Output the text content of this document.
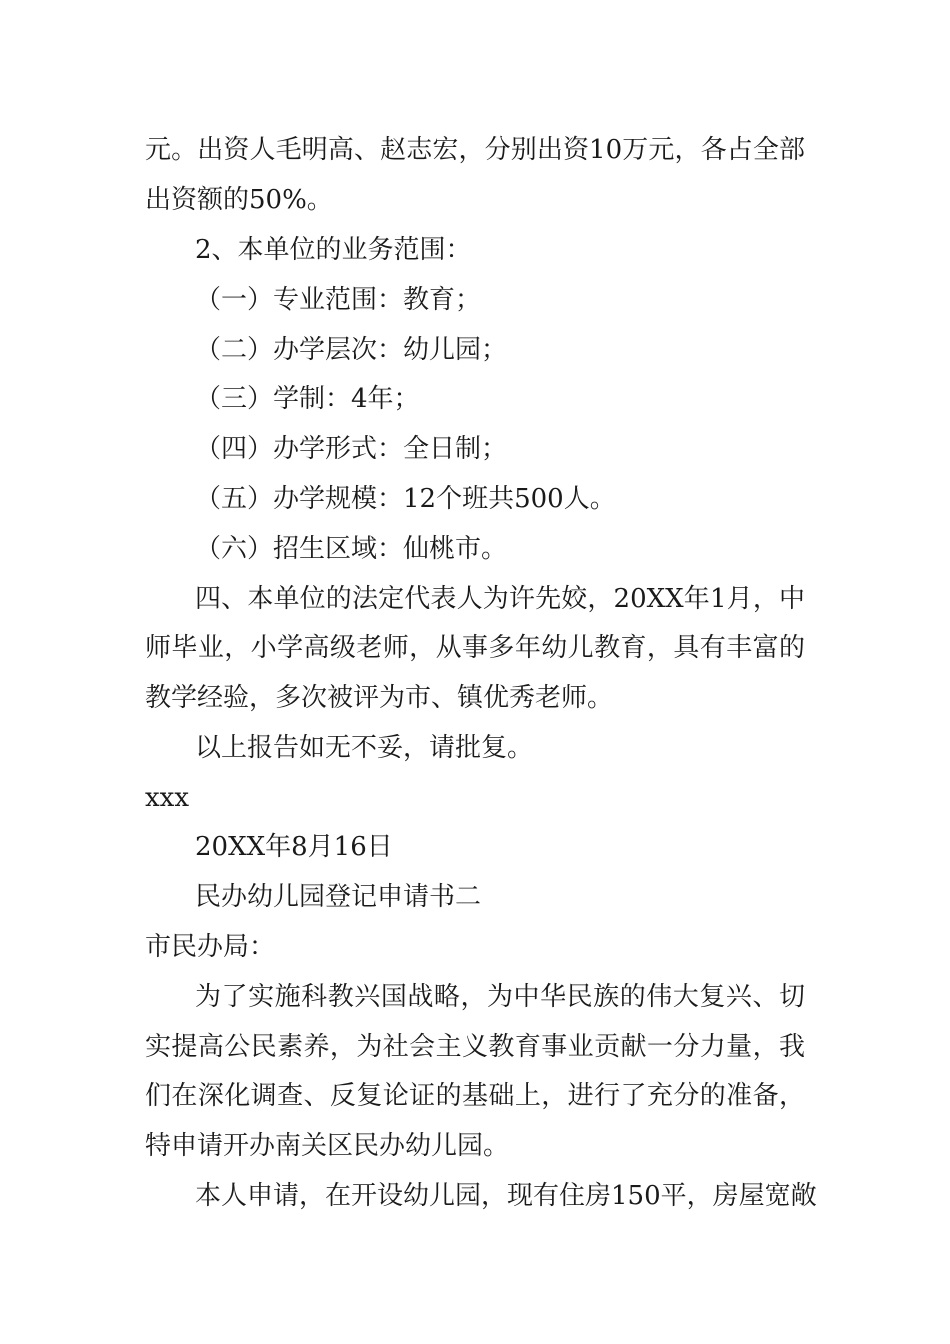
元。出资人毛明高、赵志宏，分别出资10万元，各占全部
出资额的50%。
2、本单位的业务范围：
（一）专业范围：教育；
（二）办学层次：幼儿园；
（三）学制：4年；
（四）办学形式：全日制；
（五）办学规模：12个班共500人。
（六）招生区域：仙桃市。
四、本单位的法定代表人为许先姣，20XX年1月，中
师毕业，小学高级老师，从事多年幼儿教育，具有丰富的
教学经验，多次被评为市、镇优秀老师。
以上报告如无不妥，请批复。
xxx
20XX年8月16日
民办幼儿园登记申请书二
市民办局：
为了实施科教兴国战略，为中华民族的伟大复兴、切
实提高公民素养，为社会主义教育事业贡献一分力量，我
们在深化调查、反复论证的基础上，进行了充分的准备，
特申请开办南关区民办幼儿园。
本人申请，在开设幼儿园，现有住房150平，房屋宽敞
